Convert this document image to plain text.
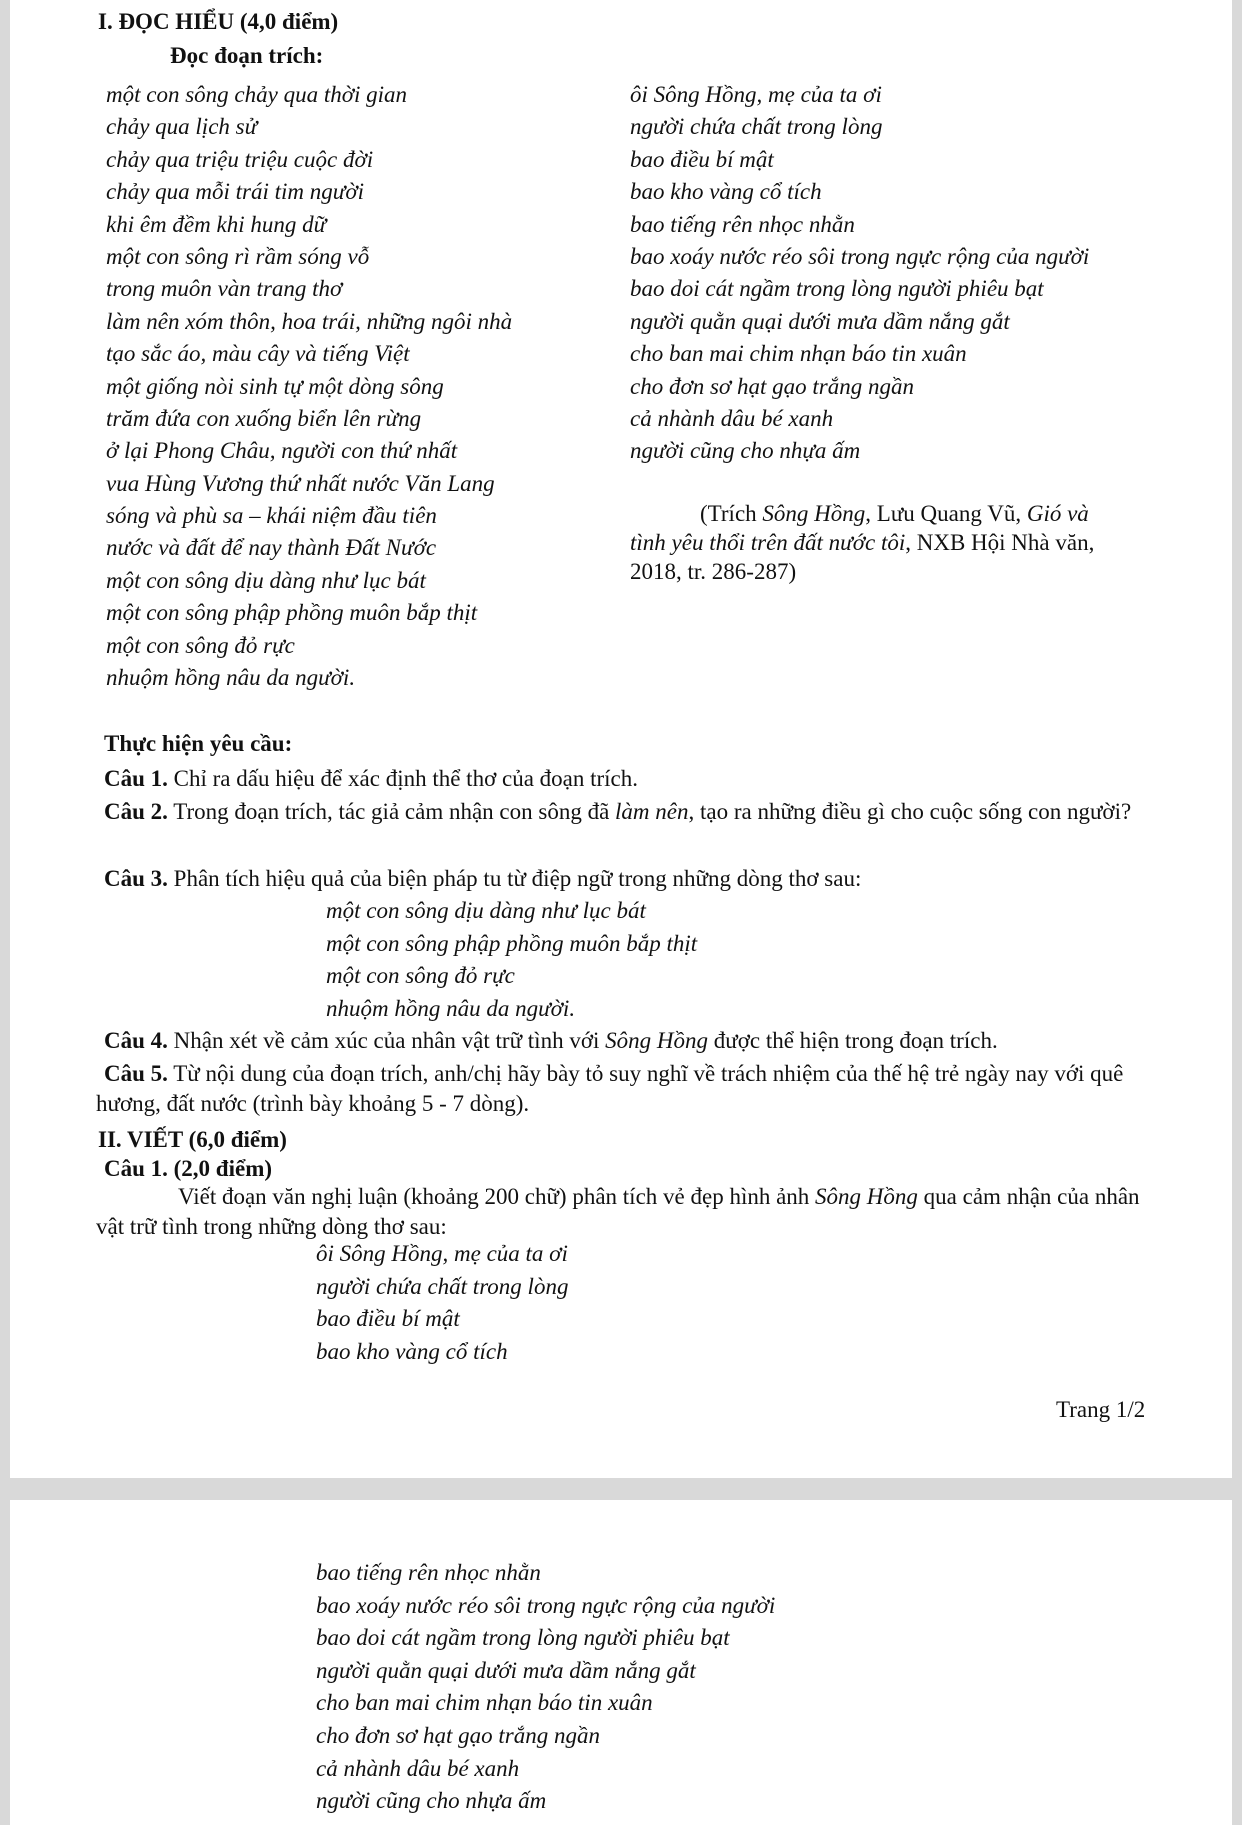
I. ĐỌC HIỂU (4,0 điểm)
Đọc đoạn trích:
một con sông chảy qua thời gian
chảy qua lịch sử
chảy qua triệu triệu cuộc đời
chảy qua mỗi trái tim người
khi êm đềm khi hung dữ
một con sông rì rầm sóng vỗ
trong muôn vàn trang thơ
làm nên xóm thôn, hoa trái, những ngôi nhà
tạo sắc áo, màu cây và tiếng Việt
một giống nòi sinh tự một dòng sông
trăm đứa con xuống biển lên rừng
ở lại Phong Châu, người con thứ nhất
vua Hùng Vương thứ nhất nước Văn Lang
sóng và phù sa – khái niệm đầu tiên
nước và đất để nay thành Đất Nước
một con sông dịu dàng như lục bát
một con sông phập phồng muôn bắp thịt
một con sông đỏ rực
nhuộm hồng nâu da người.
ôi Sông Hồng, mẹ của ta ơi
người chứa chất trong lòng
bao điều bí mật
bao kho vàng cổ tích
bao tiếng rên nhọc nhằn
bao xoáy nước réo sôi trong ngực rộng của người
bao doi cát ngầm trong lòng người phiêu bạt
người quằn quại dưới mưa dầm nắng gắt
cho ban mai chim nhạn báo tin xuân
cho đơn sơ hạt gạo trắng ngần
cả nhành dâu bé xanh
người cũng cho nhựa ấm
(Trích Sông Hồng, Lưu Quang Vũ, Gió và
tình yêu thổi trên đất nước tôi, NXB Hội Nhà văn,
2018, tr. 286-287)
Thực hiện yêu cầu:
Câu 1. Chỉ ra dấu hiệu để xác định thể thơ của đoạn trích.

Câu 2. Trong đoạn trích, tác giả cảm nhận con sông đã làm nên, tạo ra những điều gì cho cuộc sống con người?

Câu 3. Phân tích hiệu quả của biện pháp tu từ điệp ngữ trong những dòng thơ sau:
một con sông dịu dàng như lục bát
một con sông phập phồng muôn bắp thịt
một con sông đỏ rực
nhuộm hồng nâu da người.
Câu 4. Nhận xét về cảm xúc của nhân vật trữ tình với Sông Hồng được thể hiện trong đoạn trích.

Câu 5. Từ nội dung của đoạn trích, anh/chị hãy bày tỏ suy nghĩ về trách nhiệm của thế hệ trẻ ngày nay với quê hương, đất nước (trình bày khoảng 5 - 7 dòng).

II. VIẾT (6,0 điểm)
Câu 1. (2,0 điểm)

Viết đoạn văn nghị luận (khoảng 200 chữ) phân tích vẻ đẹp hình ảnh Sông Hồng qua cảm nhận của nhân vật trữ tình trong những dòng thơ sau:

ôi Sông Hồng, mẹ của ta ơi
người chứa chất trong lòng
bao điều bí mật
bao kho vàng cổ tích
Trang 1/2
bao tiếng rên nhọc nhằn
bao xoáy nước réo sôi trong ngực rộng của người
bao doi cát ngầm trong lòng người phiêu bạt
người quằn quại dưới mưa dầm nắng gắt
cho ban mai chim nhạn báo tin xuân
cho đơn sơ hạt gạo trắng ngần
cả nhành dâu bé xanh
người cũng cho nhựa ấm
